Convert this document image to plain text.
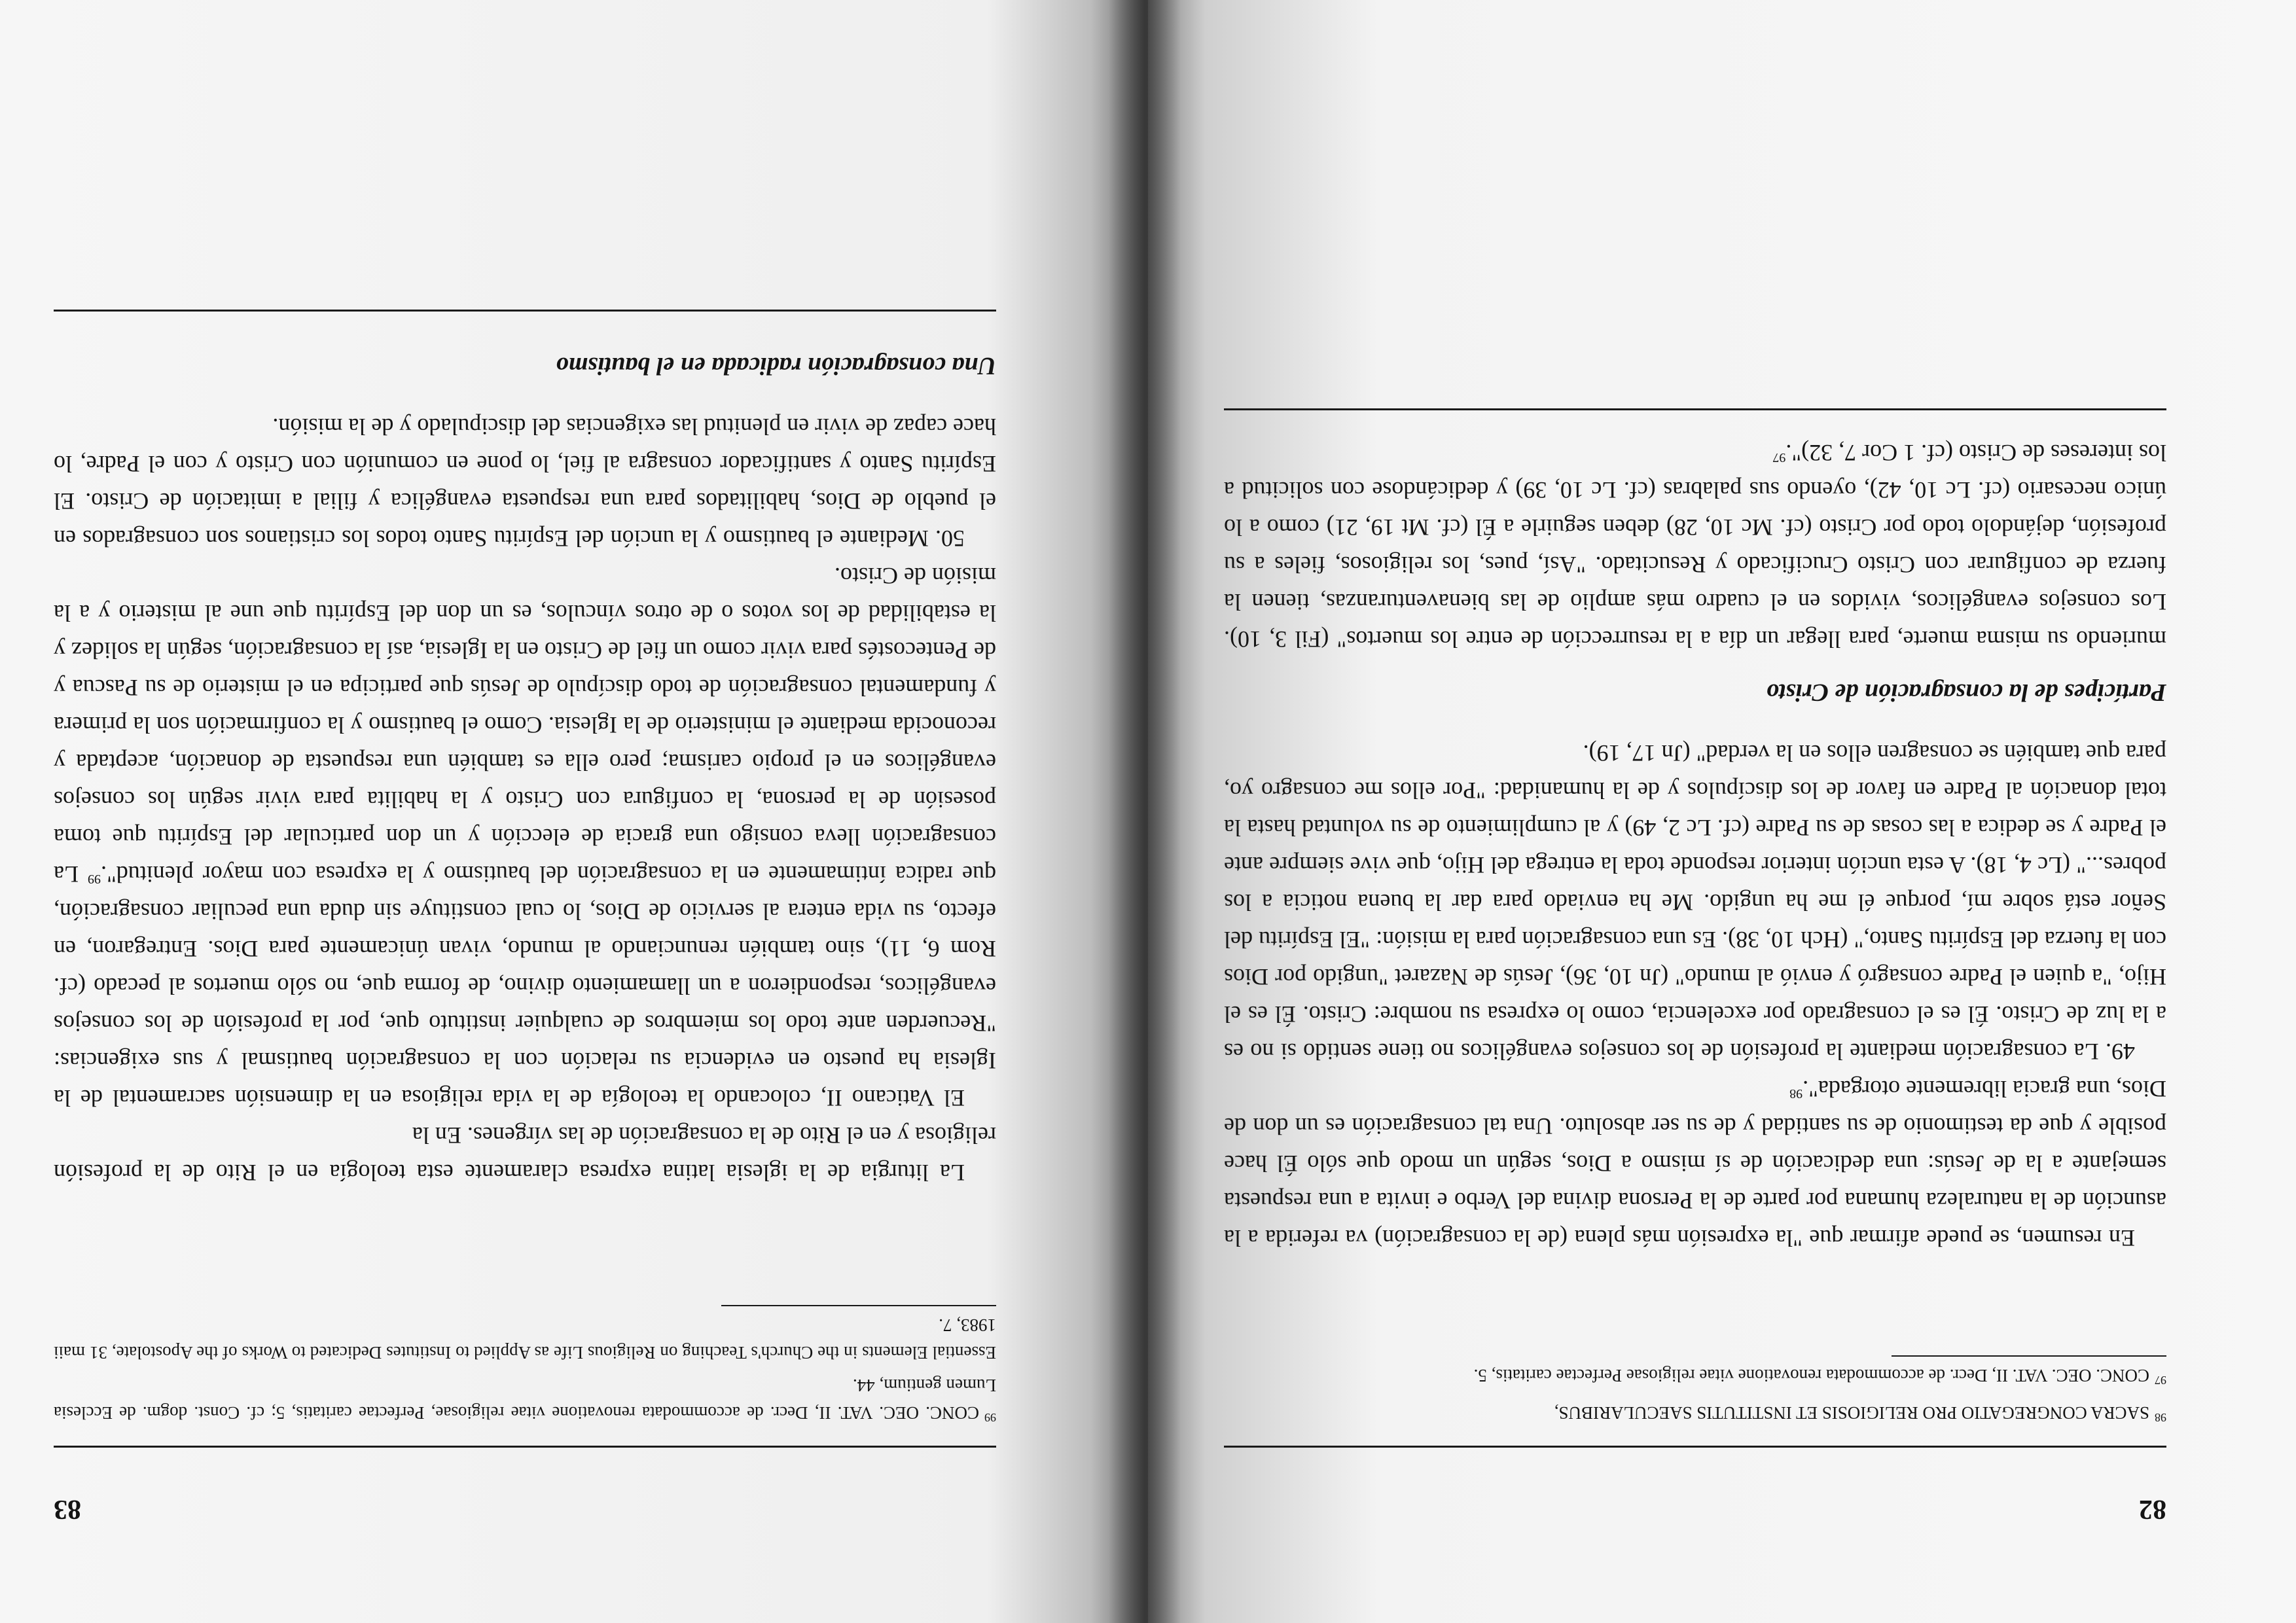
82

$^{98}$SACRA CONGREGATIO PRO RELIGIOSIS ET INSTITUTIS SAECULARIBUS,

$^{97}$CONC. OEC. VAT. II, Decr. de accommodata renovatione vitae religiosae Perfectae caritatis, 5.

En resumen, se puede afirmar que "la expresión más plena (de la consagración) va referida a la asunción de la naturaleza humana por parte de la Persona divina del Verbo e invita a una respuesta semejante a la de Jesús: una dedicación de sí mismo a Dios, según un modo que sólo Él hace posible y que da testimonio de su santidad y de su ser absoluto. Una tal consagración es un don de Dios, una gracia libremente otorgada".$^{98}$

49. La consagración mediante la profesión de los consejos evangélicos no tiene sentido si no es a la luz de Cristo. Él es el consagrado por excelencia, como lo expresa su nombre: Cristo. Él es el Hijo, "a quien el Padre consagró y envió al mundo" (Jn 10, 36), Jesús de Nazaret "ungido por Dios con la fuerza del Espíritu Santo," (Hch 10, 38). Es una consagración para la misión: "El Espíritu del Señor está sobre mí, porque él me ha ungido. Me ha enviado para dar la buena noticia a los pobres..." (Lc 4, 18). A esta unción interior responde toda la entrega del Hijo, que vive siempre ante el Padre y se dedica a las cosas de su Padre (cf. Lc 2, 49) y al cumplimiento de su voluntad hasta la total donación al Padre en favor de los discípulos y de la humanidad: "Por ellos me consagro yo, para que también se consagren ellos en la verdad" (Jn 17, 19).

Partícipes de la consagración de Cristo

muriendo su misma muerte, para llegar un día a la resurrección de entre los muertos" (Fil 3, 10). Los consejos evangélicos, vividos en el cuadro más amplio de las bienaventuranzas, tienen la fuerza de configurar con Cristo Crucificado y Resucitado. "Así, pues, los religiosos, fieles a su profesión, dejándolo todo por Cristo (cf. Mc 10, 28) deben seguirle a Él (cf. Mt 19, 21) como a lo único necesario (cf. Lc 10, 42), oyendo sus palabras (cf. Lc 10, 39) y dedicándose con solicitud a los intereses de Cristo (cf. 1 Cor 7, 32)".$^{97}$

83

$^{99}$CONC. OEC. VAT. II, Decr. de accommodata renovatione vitae religiosae, Perfectae caritatis, 5; cf. Const. dogm. de Ecclesia Lumen gentium, 44.

Essential Elements in the Church's Teaching on Religious Life as Applied to Institutes Dedicated to Works of the Apostolate, 31 maii 1983, 7.

La liturgia de la iglesia latina expresa claramente esta teología en el Rito de la profesión religiosa y en el Rito de la consagración de las vírgenes. En la

El Vaticano II, colocando la teología de la vida religiosa en la dimensión sacramental de la Iglesia ha puesto en evidencia su relación con la consagración bautismal y sus exigencias: "Recuerden ante todo los miembros de cualquier instituto que, por la profesión de los consejos evangélicos, respondieron a un llamamiento divino, de forma que, no sólo muertos al pecado (cf. Rom 6, 11), sino también renunciando al mundo, vivan únicamente para Dios. Entregaron, en efecto, su vida entera al servicio de Dios, lo cual constituye sin duda una peculiar consagración, que radica íntimamente en la consagración del bautismo y la expresa con mayor plenitud".$^{99}$ La consagración lleva consigo una gracia de elección y un don particular del Espíritu que toma posesión de la persona, la configura con Cristo y la habilita para vivir según los consejos evangélicos en el propio carisma; pero ella es también una respuesta de donación, aceptada y reconocida mediante el ministerio de la Iglesia. Como el bautismo y la confirmación son la primera y fundamental consagración de todo discípulo de Jesús que participa en el misterio de su Pascua y de Pentecostés para vivir como un fiel de Cristo en la Iglesia, así la consagración, según la solidez y la estabilidad de los votos o de otros vínculos, es un don del Espíritu que une al misterio y a la misión de Cristo.

50. Mediante el bautismo y la unción del Espíritu Santo todos los cristianos son consagrados en el pueblo de Dios, habilitados para una respuesta evangélica y filial a imitación de Cristo. El Espíritu Santo y santificador consagra al fiel, lo pone en comunión con Cristo y con el Padre, lo hace capaz de vivir en plenitud las exigencias del discipulado y de la misión.

Una consagración radicada en el bautismo
